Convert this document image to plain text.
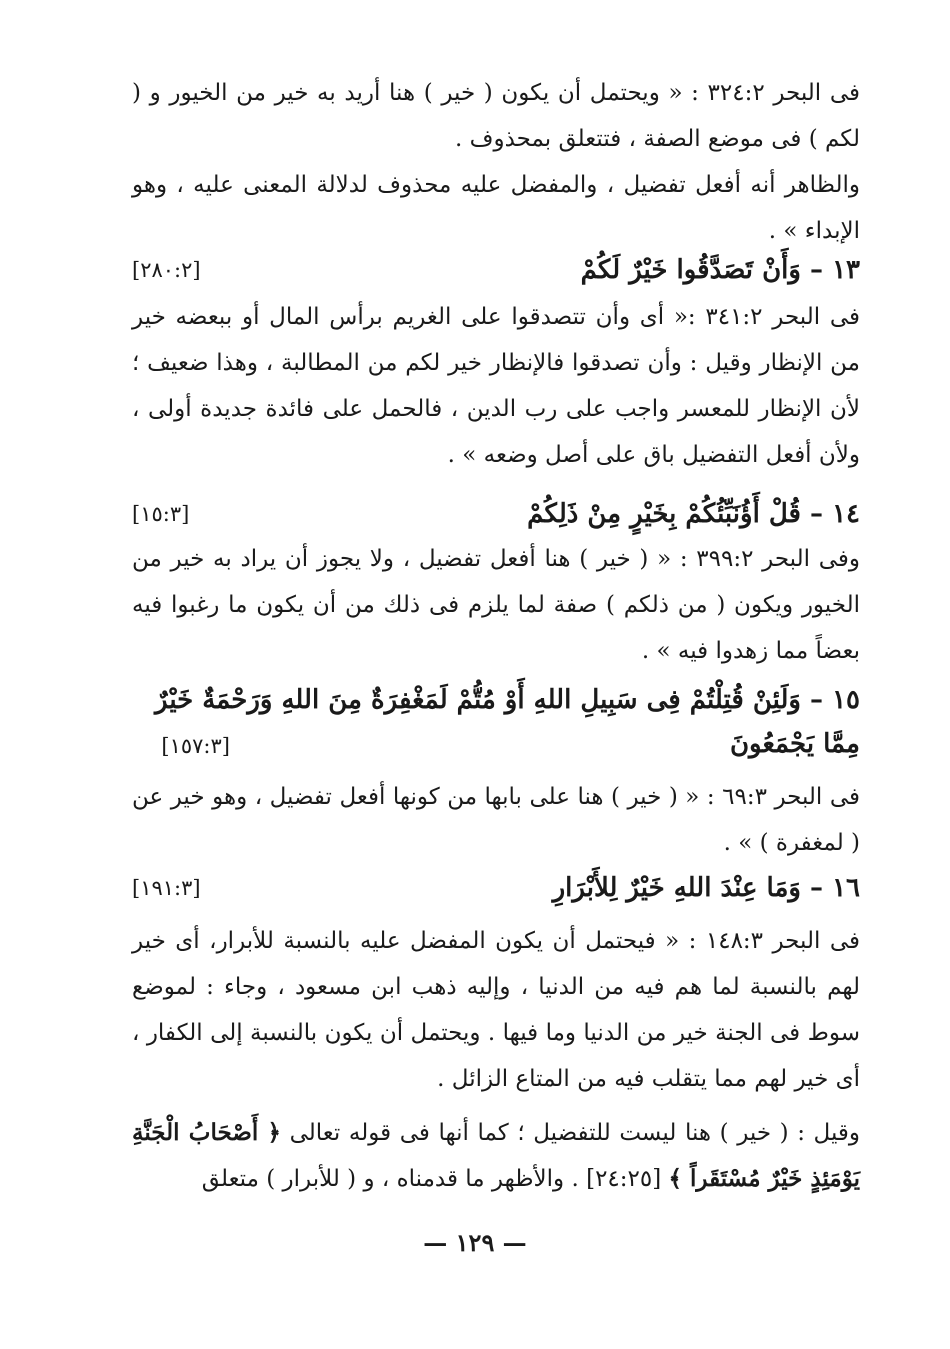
فى البحر ٣٢٤:٢ : « ويحتمل أن يكون ( خير ) هنا أريد به خير من الخيور و ( لكم ) فى موضع الصفة ، فتتعلق بمحذوف .

والظاهر أنه أفعل تفضيل ، والمفضل عليه محذوف لدلالة المعنى عليه ، وهو الإبداء » .

١٣ – وَأَنْ تَصَدَّقُوا خَيْرٌ لَكُمْ
[٢٨٠:٢]

فى البحر ٣٤١:٢ :« أى وأن تتصدقوا على الغريم برأس المال أو ببعضه خير من الإنظار وقيل : وأن تصدقوا فالإنظار خير لكم من المطالبة ، وهذا ضعيف ؛ لأن الإنظار للمعسر واجب على رب الدين ، فالحمل على فائدة جديدة أولى ، ولأن أفعل التفضيل باق على أصل وضعه » .

١٤ – قُلْ أَؤُنَبِّئُكُمْ بِخَيْرٍ مِنْ ذَلِكُمْ
[١٥:٣]

وفى البحر ٣٩٩:٢ : « ( خير ) هنا أفعل تفضيل ، ولا يجوز أن يراد به خير من الخيور ويكون ( من ذلكم ) صفة لما يلزم فى ذلك من أن يكون ما رغبوا فيه بعضاً مما زهدوا فيه » .

١٥ – وَلَئِنْ قُتِلْتُمْ فِى سَبِيلِ اللهِ أَوْ مُتُّمْ لَمَغْفِرَةٌ مِنَ اللهِ وَرَحْمَةٌ خَيْرٌ مِمَّا يَجْمَعُونَ
[١٥٧:٣]

فى البحر ٦٩:٣ : « ( خير ) هنا على بابها من كونها أفعل تفضيل ، وهو خير عن ( لمغفرة ) » .

١٦ – وَمَا عِنْدَ اللهِ خَيْرٌ لِلأَبْرَارِ
[١٩١:٣]

فى البحر ١٤٨:٣ : « فيحتمل أن يكون المفضل عليه بالنسبة للأبرار، أى خير لهم بالنسبة لما هم فيه من الدنيا ، وإليه ذهب ابن مسعود ، وجاء : لموضع سوط فى الجنة خير من الدنيا وما فيها . ويحتمل أن يكون بالنسبة إلى الكفار ، أى خير لهم مما يتقلب فيه من المتاع الزائل .

وقيل : ( خير ) هنا ليست للتفضيل ؛ كما أنها فى قوله تعالى ﴿ أَصْحَابُ الْجَنَّةِ يَوْمَئِذٍ خَيْرٌ مُسْتَقَراً ﴾ [٢٤:٢٥] . والأظهر ما قدمناه ، و ( للأبرار ) متعلق

— ١٢٩ —
